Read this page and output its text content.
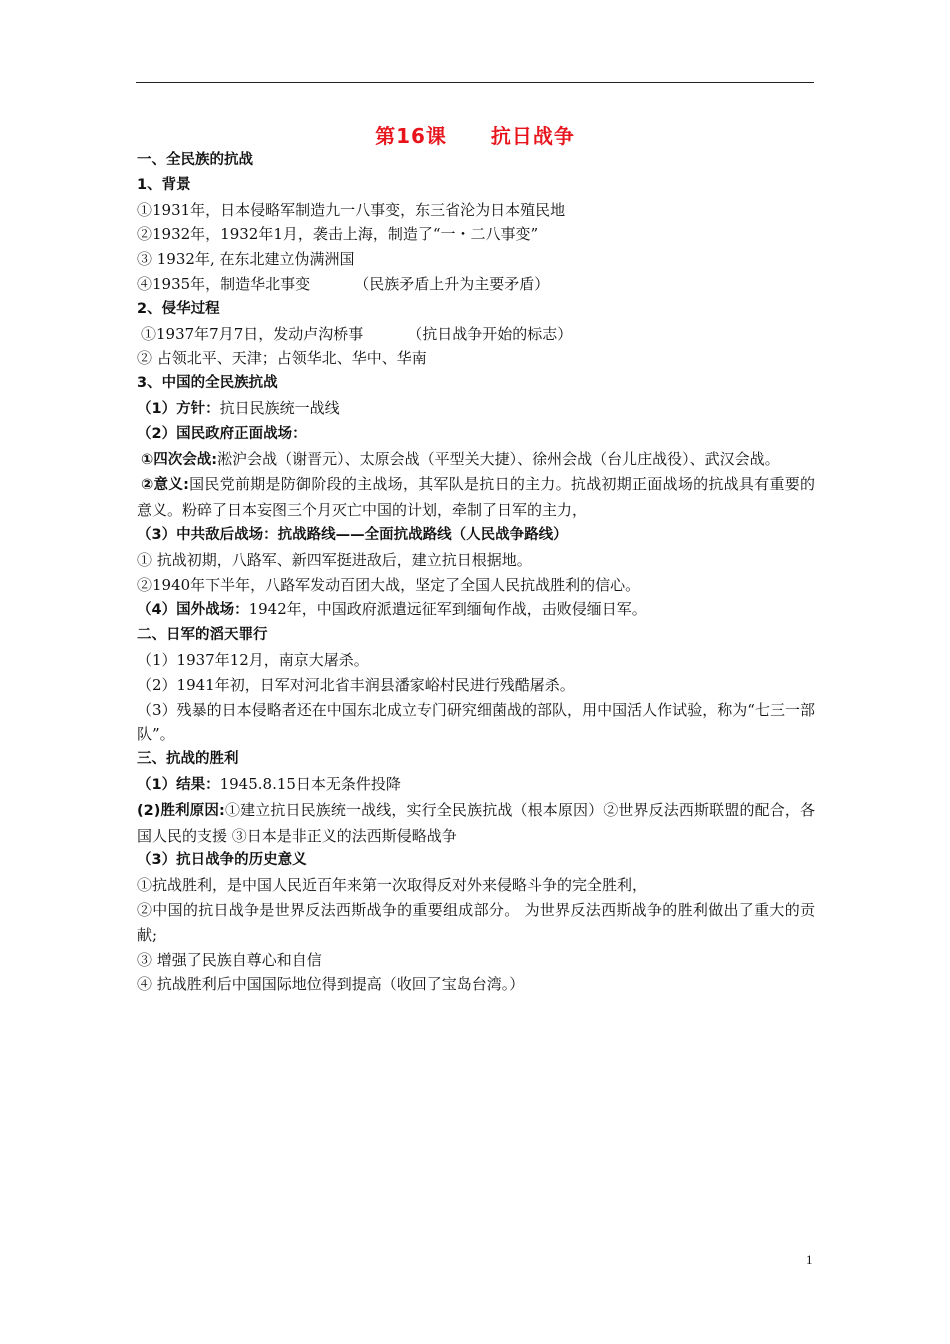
第16课 抗日战争
一、全民族的抗战
1、背景
①1931年，日本侵略军制造九一八事变，东三省沦为日本殖民地
②1932年，1932年1月，袭击上海，制造了“一・二八事变”
③ 1932年, 在东北建立伪满洲国
④1935年，制造华北事变	（民族矛盾上升为主要矛盾）
2、侵华过程
①1937年7月7日，发动卢沟桥事	（抗日战争开始的标志）
② 占领北平、天津；占领华北、华中、华南
3、中国的全民族抗战
（1）方针：抗日民族统一战线
（2）国民政府正面战场：
①四次会战:淞沪会战（谢晋元）、太原会战（平型关大捷）、徐州会战（台儿庄战役）、武汉会战。
②意义:国民党前期是防御阶段的主战场，其军队是抗日的主力。抗战初期正面战场的抗战具有重要的意义。粉碎了日本妄图三个月灭亡中国的计划，牵制了日军的主力，
（3）中共敌后战场：抗战路线——全面抗战路线（人民战争路线）
① 抗战初期，八路军、新四军挺进敌后，建立抗日根据地。
②1940年下半年，八路军发动百团大战，坚定了全国人民抗战胜利的信心。
（4）国外战场：1942年，中国政府派遣远征军到缅甸作战，击败侵缅日军。
二、日军的滔天罪行
（1）1937年12月，南京大屠杀。
（2）1941年初，日军对河北省丰润县潘家峪村民进行残酷屠杀。
（3）残暴的日本侵略者还在中国东北成立专门研究细菌战的部队，用中国活人作试验，称为“七三一部队”。
三、抗战的胜利
（1）结果：1945.8.15日本无条件投降
(2)胜利原因:①建立抗日民族统一战线，实行全民族抗战（根本原因）②世界反法西斯联盟的配合，各国人民的支援 ③日本是非正义的法西斯侵略战争
（3）抗日战争的历史意义
①抗战胜利，是中国人民近百年来第一次取得反对外来侵略斗争的完全胜利，
②中国的抗日战争是世界反法西斯战争的重要组成部分。 为世界反法西斯战争的胜利做出了重大的贡献;
③ 增强了民族自尊心和自信
④ 抗战胜利后中国国际地位得到提高（收回了宝岛台湾。）
1
